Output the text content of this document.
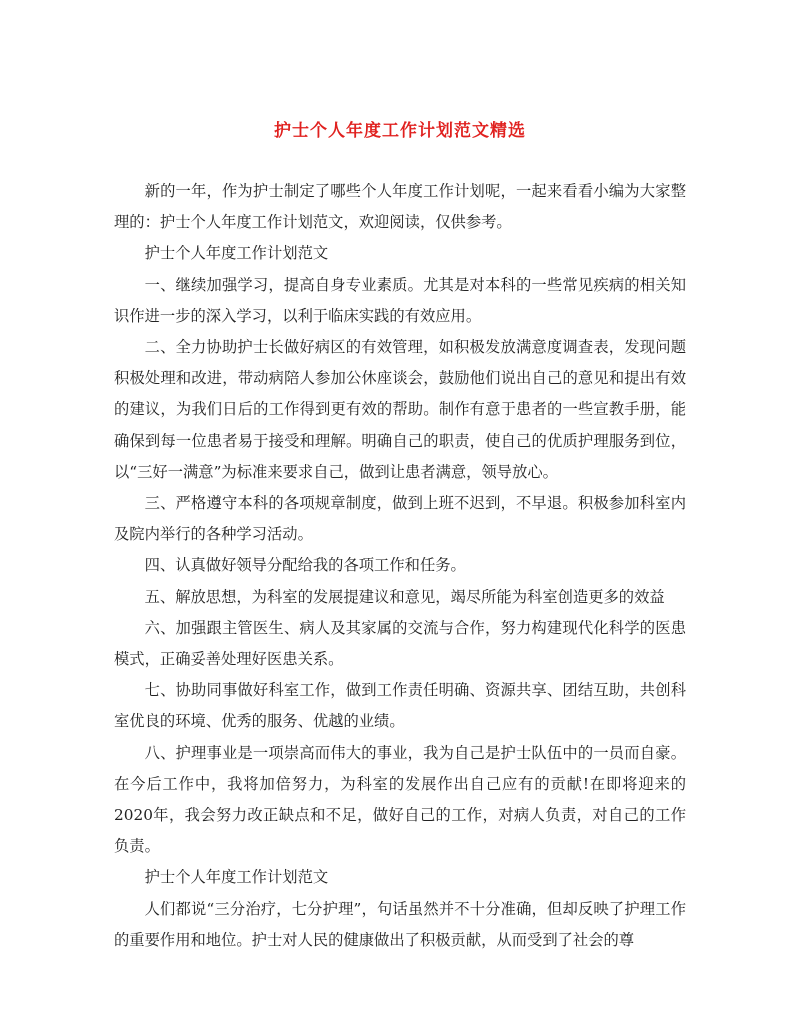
护士个人年度工作计划范文精选

新的一年，作为护士制定了哪些个人年度工作计划呢，一起来看看小编为大家整理的：护士个人年度工作计划范文，欢迎阅读，仅供参考。

护士个人年度工作计划范文

一、继续加强学习，提高自身专业素质。尤其是对本科的一些常见疾病的相关知识作进一步的深入学习，以利于临床实践的有效应用。

二、全力协助护士长做好病区的有效管理，如积极发放满意度调查表，发现问题积极处理和改进，带动病陪人参加公休座谈会，鼓励他们说出自己的意见和提出有效的建议，为我们日后的工作得到更有效的帮助。制作有意于患者的一些宣教手册，能确保到每一位患者易于接受和理解。明确自己的职责，使自己的优质护理服务到位，以“三好一满意”为标准来要求自己，做到让患者满意，领导放心。

三、严格遵守本科的各项规章制度，做到上班不迟到，不早退。积极参加科室内及院内举行的各种学习活动。

四、认真做好领导分配给我的各项工作和任务。

五、解放思想，为科室的发展提建议和意见，竭尽所能为科室创造更多的效益

六、加强跟主管医生、病人及其家属的交流与合作，努力构建现代化科学的医患模式，正确妥善处理好医患关系。

七、协助同事做好科室工作，做到工作责任明确、资源共享、团结互助，共创科室优良的环境、优秀的服务、优越的业绩。

八、护理事业是一项崇高而伟大的事业，我为自己是护士队伍中的一员而自豪。在今后工作中，我将加倍努力，为科室的发展作出自己应有的贡献!在即将迎来的2020年，我会努力改正缺点和不足，做好自己的工作，对病人负责，对自己的工作负责。

护士个人年度工作计划范文

人们都说“三分治疗，七分护理”，句话虽然并不十分准确，但却反映了护理工作的重要作用和地位。护士对人民的健康做出了积极贡献，从而受到了社会的尊
